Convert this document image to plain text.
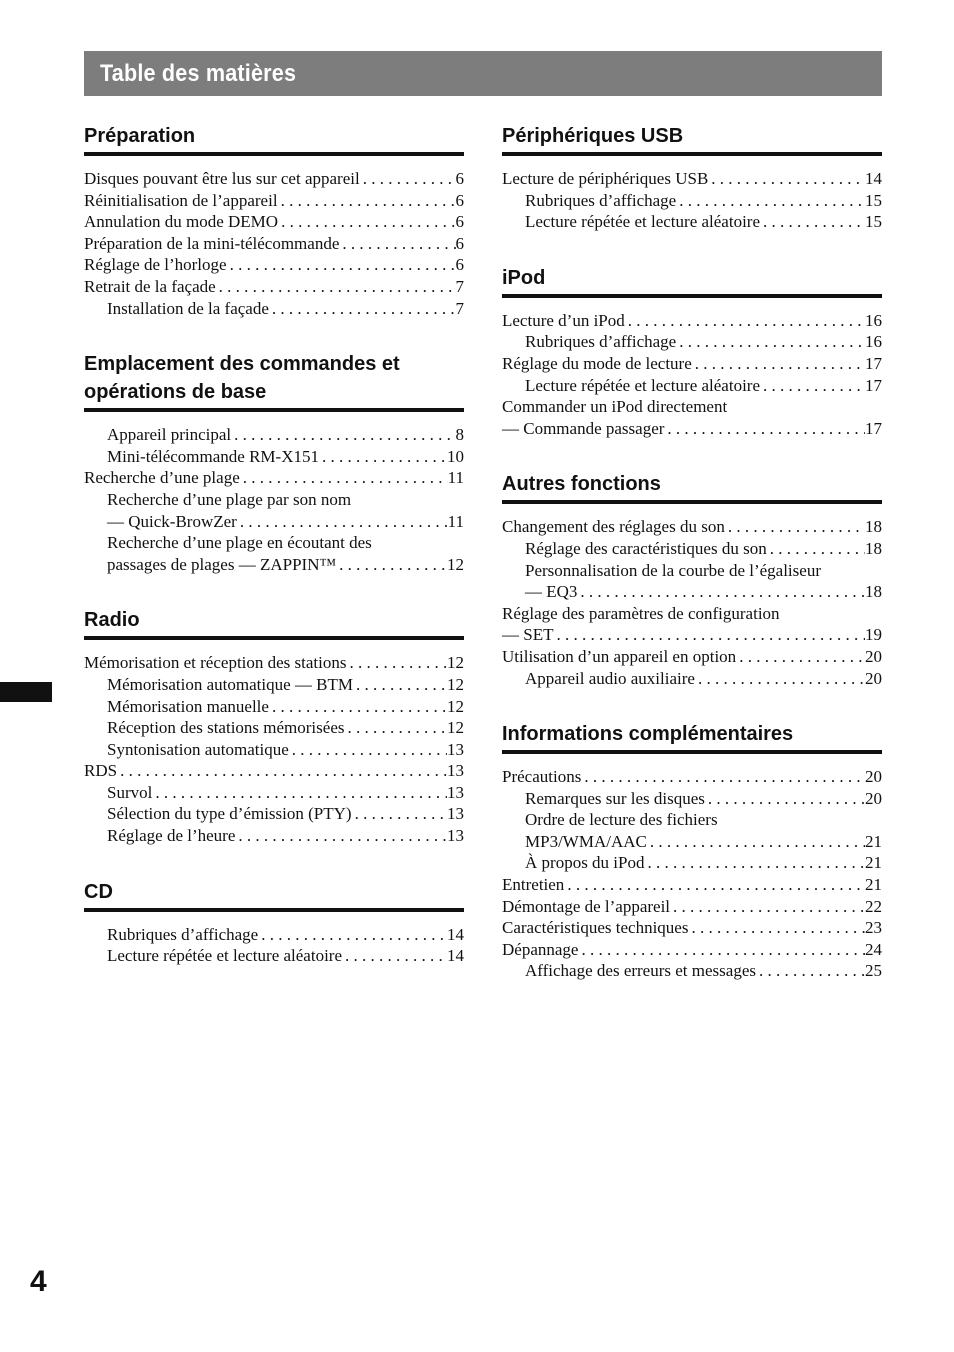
Table des matières
Préparation
Disques pouvant être lus sur cet appareil . . .	6
Réinitialisation de l’appareil . . .	6
Annulation du mode DEMO . . .	6
Préparation de la mini-télécommande . . .	6
Réglage de l’horloge . . .	6
Retrait de la façade . . .	7
Installation de la façade . . .	7
Emplacement des commandes et opérations de base
Appareil principal . . .	8
Mini-télécommande RM-X151 . . .	10
Recherche d’une plage . . .	11
Recherche d’une plage par son nom
— Quick-BrowZer . . .	11
Recherche d’une plage en écoutant des
passages de plages — ZAPPIN™ . . .	12
Radio
Mémorisation et réception des stations . . .	12
Mémorisation automatique — BTM . . .	12
Mémorisation manuelle . . .	12
Réception des stations mémorisées . . .	12
Syntonisation automatique . . .	13
RDS . . .	13
Survol . . .	13
Sélection du type d’émission (PTY) . . .	13
Réglage de l’heure . . .	13
CD
Rubriques d’affichage . . .	14
Lecture répétée et lecture aléatoire . . .	14
Périphériques USB
Lecture de périphériques USB . . .	14
Rubriques d’affichage . . .	15
Lecture répétée et lecture aléatoire . . .	15
iPod
Lecture d’un iPod . . .	16
Rubriques d’affichage . . .	16
Réglage du mode de lecture . . .	17
Lecture répétée et lecture aléatoire . . .	17
Commander un iPod directement
— Commande passager . . .	17
Autres fonctions
Changement des réglages du son . . .	18
Réglage des caractéristiques du son . . .	18
Personnalisation de la courbe de l’égaliseur
— EQ3 . . .	18
Réglage des paramètres de configuration
— SET . . .	19
Utilisation d’un appareil en option . . .	20
Appareil audio auxiliaire . . .	20
Informations complémentaires
Précautions . . .	20
Remarques sur les disques . . .	20
Ordre de lecture des fichiers
MP3/WMA/AAC . . .	21
À propos du iPod . . .	21
Entretien . . .	21
Démontage de l’appareil . . .	22
Caractéristiques techniques . . .	23
Dépannage . . .	24
Affichage des erreurs et messages . . .	25
4
